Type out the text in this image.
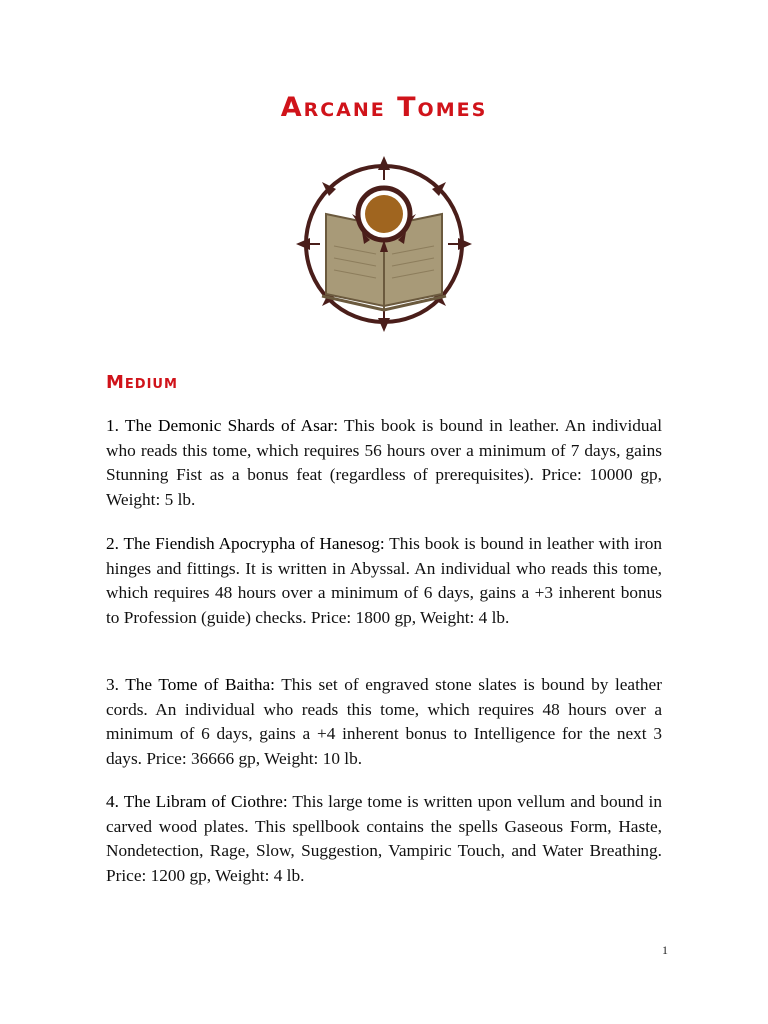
Arcane Tomes
Medium

1. The Demonic Shards of Asar: This book is bound in leather. An individual who reads this tome, which requires 56 hours over a minimum of 7 days, gains Stunning Fist as a bonus feat (regardless of prerequisites). Price: 10000 gp, Weight: 5 lb.

2. The Fiendish Apocrypha of Hanesog: This book is bound in leather with iron hinges and fittings. It is written in Abyssal. An individual who reads this tome, which requires 48 hours over a minimum of 6 days, gains a +3 inherent bonus to Profession (guide) checks. Price: 1800 gp, Weight: 4 lb.

3. The Tome of Baitha: This set of engraved stone slates is bound by leather cords. An individual who reads this tome, which requires 48 hours over a minimum of 6 days, gains a +4 inherent bonus to Intelligence for the next 3 days. Price: 36666 gp, Weight: 10 lb.

4. The Libram of Ciothre: This large tome is written upon vellum and bound in carved wood plates. This spellbook contains the spells Gaseous Form, Haste, Nondetection, Rage, Slow, Suggestion, Vampiric Touch, and Water Breathing. Price: 1200 gp, Weight: 4 lb.

1
